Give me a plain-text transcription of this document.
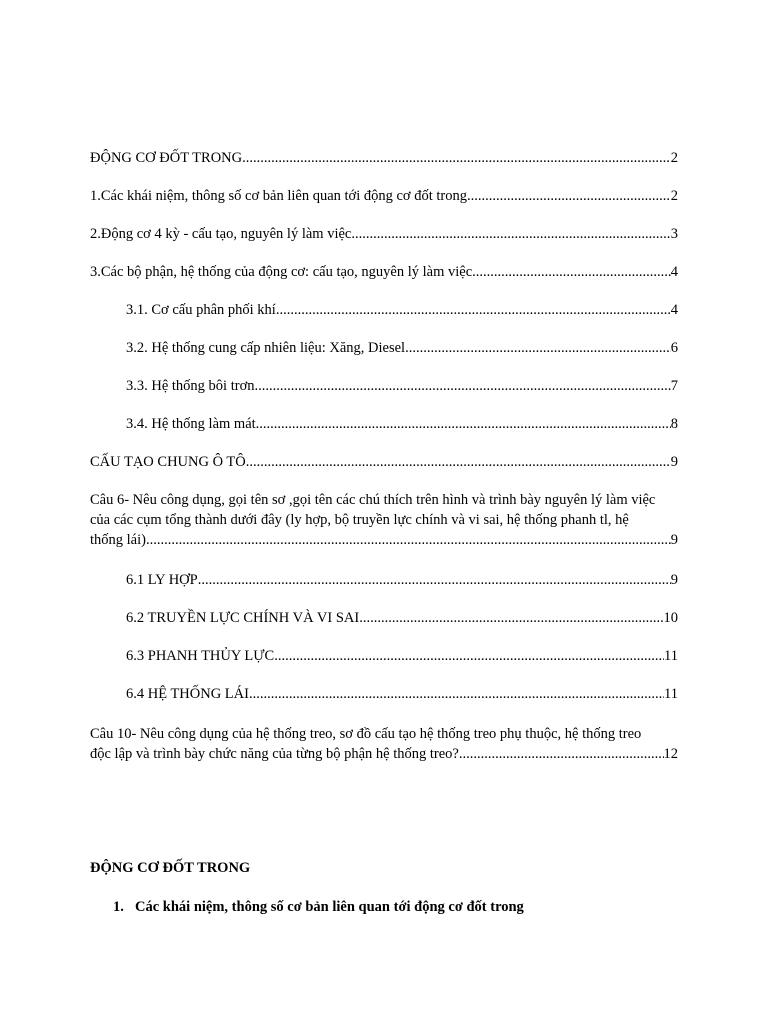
ĐỘNG CƠ ĐỐT TRONG .....	2
1. Các khái niệm, thông số cơ bản liên quan tới động cơ đốt trong .....	2
2. Động cơ 4 kỳ - cấu tạo, nguyên lý làm việc .....	3
3. Các bộ phận, hệ thống của động cơ: cấu tạo, nguyên lý làm việc .....	4
3.1. Cơ cấu phân phối khí .....	4
3.2. Hệ thống cung cấp nhiên liệu: Xăng, Diesel .....	6
3.3. Hệ thống bôi trơn .....	7
3.4. Hệ thống làm mát .....	8
CẤU TẠO CHUNG Ô TÔ .....	9
Câu 6- Nêu công dụng, gọi tên sơ ,gọi tên các chú thích trên hình và trình bày nguyên lý làm việc
của các cụm tổng thành dưới đây (ly hợp, bộ truyền lực chính và vi sai, hệ thống phanh tl, hệ
thống lái) .....	9
6.1 LY HỢP .....	9
6.2 TRUYỀN LỰC CHÍNH VÀ VI SAI .....	10
6.3 PHANH THỦY LỰC .....	11
6.4 HỆ THỐNG LÁI .....	11
Câu 10- Nêu công dụng của hệ thống treo, sơ đồ cấu tạo hệ thống treo phụ thuộc, hệ thống treo
độc lập và trình bày chức năng của từng bộ phận hệ thống treo? .....	12
ĐỘNG CƠ ĐỐT TRONG
1. Các khái niệm, thông số cơ bản liên quan tới động cơ đốt trong
